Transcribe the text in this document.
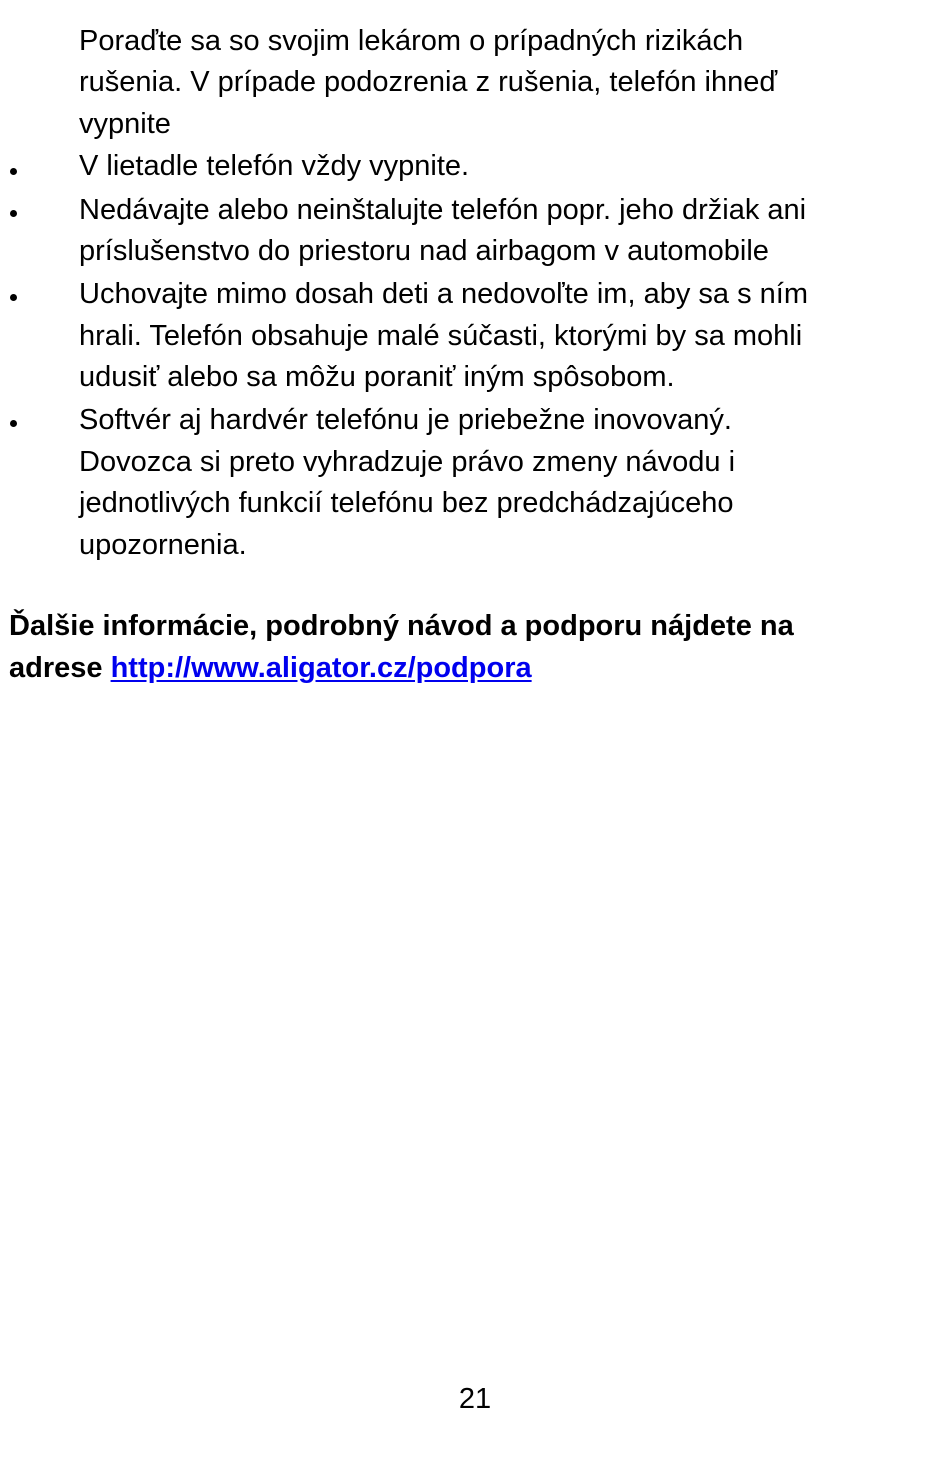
Poraďte sa so svojim lekárom o prípadných rizikách
rušenia. V prípade podozrenia z rušenia, telefón ihneď
vypnite
V lietadle telefón vždy vypnite.
Nedávajte alebo neinštalujte telefón popr. jeho držiak ani
príslušenstvo do priestoru nad airbagom v automobile
Uchovajte mimo dosah deti a nedovoľte im, aby sa s ním
hrali. Telefón obsahuje malé súčasti, ktorými by sa mohli
udusiť alebo sa môžu poraniť iným spôsobom.
Softvér aj hardvér telefónu je priebežne inovovaný.
Dovozca si preto vyhradzuje právo zmeny návodu i
jednotlivých funkcií telefónu bez predchádzajúceho
upozornenia.
Ďalšie informácie, podrobný návod a podporu nájdete na
adrese http://www.aligator.cz/podpora
21
